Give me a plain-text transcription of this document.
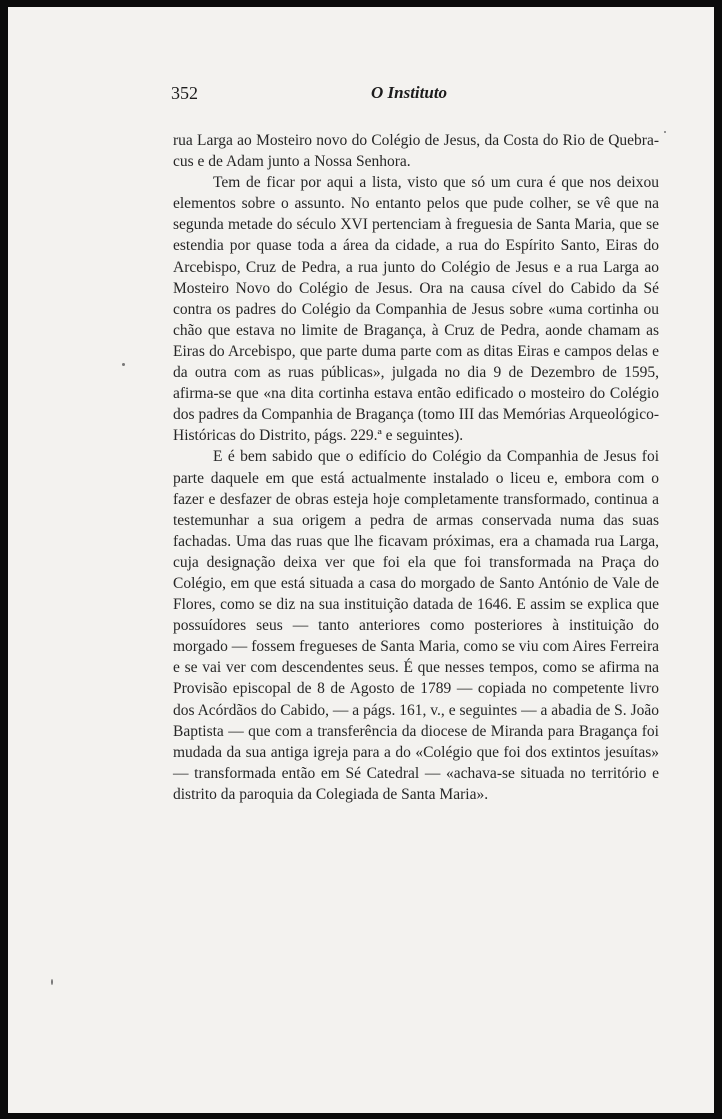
352	O Instituto

rua Larga ao Mosteiro novo do Colégio de Jesus, da Costa do Rio de Quebra-cus e de Adam junto a Nossa Senhora.

Tem de ficar por aqui a lista, visto que só um cura é que nos deixou elementos sobre o assunto. No entanto pelos que pude colher, se vê que na segunda metade do século XVI pertenciam à freguesia de Santa Maria, que se estendia por quase toda a área da cidade, a rua do Espírito Santo, Eiras do Arcebispo, Cruz de Pedra, a rua junto do Colégio de Jesus e a rua Larga ao Mosteiro Novo do Colégio de Jesus. Ora na causa cível do Cabido da Sé contra os padres do Colégio da Companhia de Jesus sobre «uma cortinha ou chão que estava no limite de Bragança, à Cruz de Pedra, aonde chamam as Eiras do Arcebispo, que parte duma parte com as ditas Eiras e campos delas e da outra com as ruas públicas», julgada no dia 9 de Dezembro de 1595, afirma-se que «na dita cortinha estava então edificado o mosteiro do Colégio dos padres da Companhia de Bragança (tomo III das Memórias Arqueológico-Históricas do Distrito, págs. 229.ª e seguintes).

E é bem sabido que o edifício do Colégio da Companhia de Jesus foi parte daquele em que está actualmente instalado o liceu e, embora com o fazer e desfazer de obras esteja hoje completamente transformado, continua a testemunhar a sua origem a pedra de armas conservada numa das suas fachadas. Uma das ruas que lhe ficavam próximas, era a chamada rua Larga, cuja designação deixa ver que foi ela que foi transformada na Praça do Colégio, em que está situada a casa do morgado de Santo António de Vale de Flores, como se diz na sua instituição datada de 1646. E assim se explica que possuídores seus — tanto anteriores como posteriores à instituição do morgado — fossem fregueses de Santa Maria, como se viu com Aires Ferreira e se vai ver com descendentes seus. É que nesses tempos, como se afirma na Provisão episcopal de 8 de Agosto de 1789 — copiada no competente livro dos Acórdãos do Cabido, — a págs. 161, v., e seguintes — a abadia de S. João Baptista — que com a transferência da diocese de Miranda para Bragança foi mudada da sua antiga igreja para a do «Colégio que foi dos extintos jesuítas» — transformada então em Sé Catedral — «achava-se situada no território e distrito da paroquia da Colegiada de Santa Maria».
